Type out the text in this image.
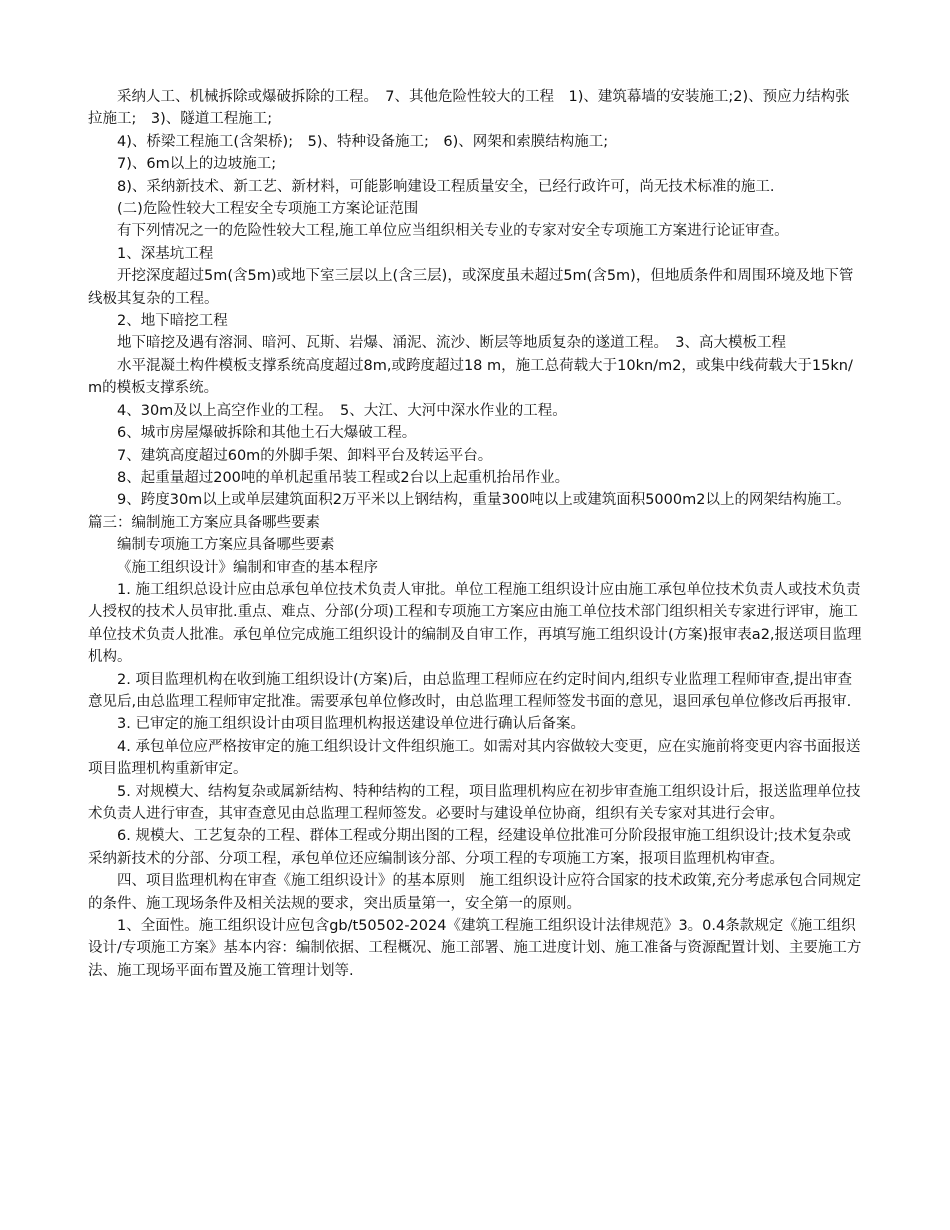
采纳人工、机械拆除或爆破拆除的工程。　7、其他危险性较大的工程　1)、建筑幕墙的安装施工;2)、预应力结构张拉施工;　3)、隧道工程施工;

4)、桥梁工程施工(含架桥);　5)、特种设备施工;　6)、网架和索膜结构施工;

7)、6m以上的边坡施工;

8)、采纳新技术、新工艺、新材料，可能影响建设工程质量安全，已经行政许可，尚无技术标准的施工.

(二)危险性较大工程安全专项施工方案论证范围

有下列情况之一的危险性较大工程,施工单位应当组织相关专业的专家对安全专项施工方案进行论证审查。

1、深基坑工程

开挖深度超过5m(含5m)或地下室三层以上(含三层)，或深度虽未超过5m(含5m)，但地质条件和周围环境及地下管线极其复杂的工程。

2、地下暗挖工程

地下暗挖及遇有溶洞、暗河、瓦斯、岩爆、涌泥、流沙、断层等地质复杂的遂道工程。　3、高大模板工程

水平混凝土构件模板支撑系统高度超过8m,或跨度超过18 m，施工总荷载大于10kn/m2，或集中线荷载大于15kn/m的模板支撑系统。

4、30m及以上高空作业的工程。　5、大江、大河中深水作业的工程。

6、城市房屋爆破拆除和其他土石大爆破工程。

7、建筑高度超过60m的外脚手架、卸料平台及转运平台。

8、起重量超过200吨的单机起重吊装工程或2台以上起重机抬吊作业。

9、跨度30m以上或单层建筑面积2万平米以上钢结构，重量300吨以上或建筑面积5000m2以上的网架结构施工。篇三：编制施工方案应具备哪些要素

编制专项施工方案应具备哪些要素

《施工组织设计》编制和审查的基本程序

1. 施工组织总设计应由总承包单位技术负责人审批。单位工程施工组织设计应由施工承包单位技术负责人或技术负责人授权的技术人员审批.重点、难点、分部(分项)工程和专项施工方案应由施工单位技术部门组织相关专家进行评审，施工单位技术负责人批准。承包单位完成施工组织设计的编制及自审工作，再填写施工组织设计(方案)报审表a2,报送项目监理机构。

2. 项目监理机构在收到施工组织设计(方案)后，由总监理工程师应在约定时间内,组织专业监理工程师审查,提出审查意见后,由总监理工程师审定批准。需要承包单位修改时，由总监理工程师签发书面的意见，退回承包单位修改后再报审.

3. 已审定的施工组织设计由项目监理机构报送建设单位进行确认后备案。

4. 承包单位应严格按审定的施工组织设计文件组织施工。如需对其内容做较大变更，应在实施前将变更内容书面报送项目监理机构重新审定。

5. 对规模大、结构复杂或属新结构、特种结构的工程，项目监理机构应在初步审查施工组织设计后，报送监理单位技术负责人进行审查，其审查意见由总监理工程师签发。必要时与建设单位协商，组织有关专家对其进行会审。

6. 规模大、工艺复杂的工程、群体工程或分期出图的工程，经建设单位批准可分阶段报审施工组织设计;技术复杂或采纳新技术的分部、分项工程，承包单位还应编制该分部、分项工程的专项施工方案，报项目监理机构审查。

四、项目监理机构在审查《施工组织设计》的基本原则　施工组织设计应符合国家的技术政策,充分考虑承包合同规定的条件、施工现场条件及相关法规的要求，突出质量第一，安全第一的原则。

1、全面性。施工组织设计应包含gb/t50502-2024《建筑工程施工组织设计法律规范》3。0.4条款规定《施工组织设计/专项施工方案》基本内容：编制依据、工程概况、施工部署、施工进度计划、施工准备与资源配置计划、主要施工方法、施工现场平面布置及施工管理计划等.
